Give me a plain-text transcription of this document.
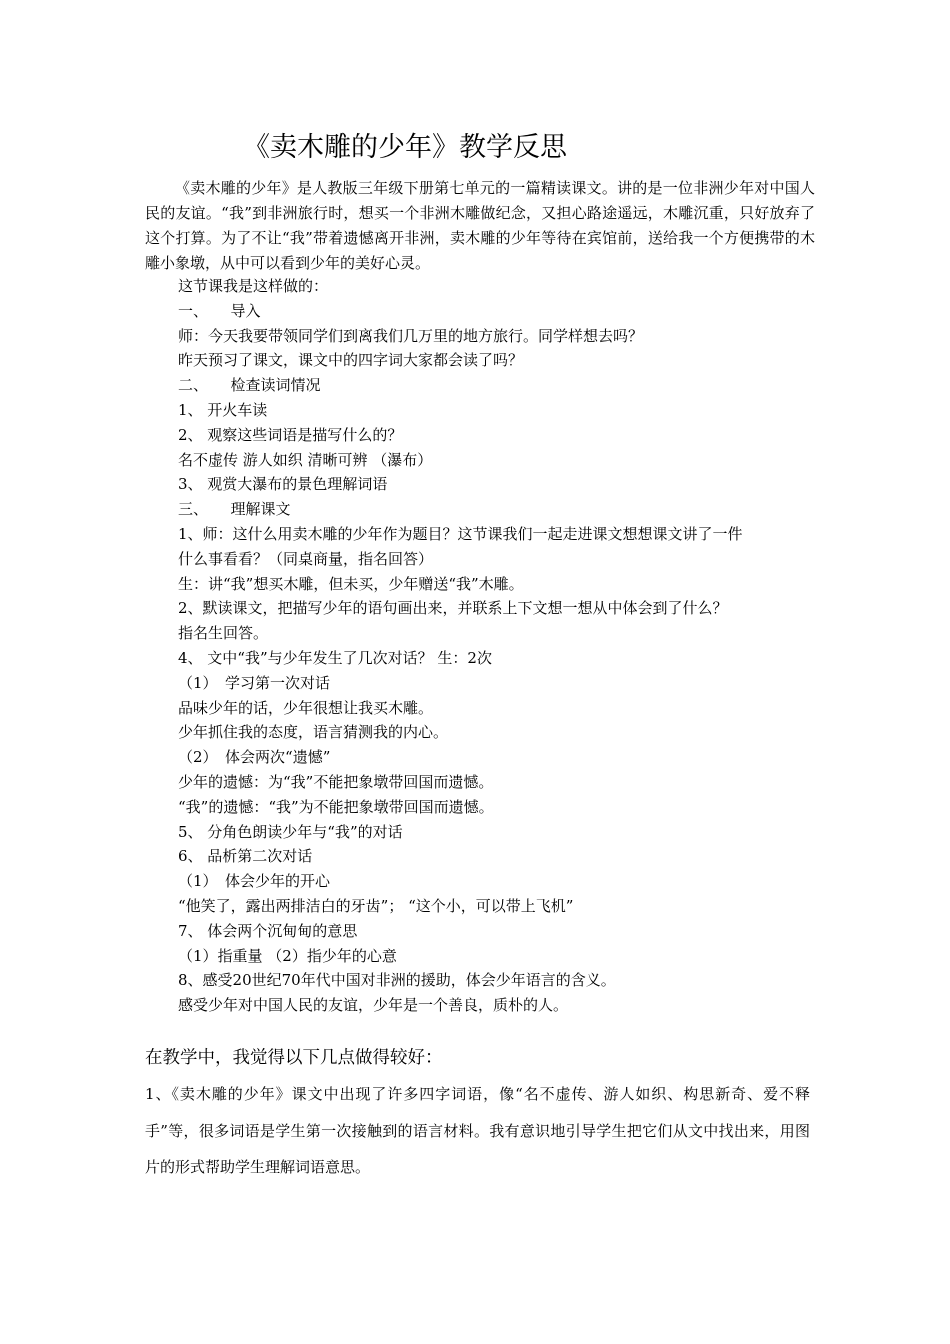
《卖木雕的少年》教学反思

《卖木雕的少年》是人教版三年级下册第七单元的一篇精读课文。讲的是一位非洲少年对中国人民的友谊。“我”到非洲旅行时，想买一个非洲木雕做纪念，又担心路途遥远，木雕沉重，只好放弃了这个打算。为了不让“我”带着遗憾离开非洲，卖木雕的少年等待在宾馆前，送给我一个方便携带的木雕小象墩，从中可以看到少年的美好心灵。

这节课我是这样做的：
一、　　导入
师：今天我要带领同学们到离我们几万里的地方旅行。同学样想去吗？
昨天预习了课文，课文中的四字词大家都会读了吗？
二、　　检查读词情况
1、 开火车读
2、 观察这些词语是描写什么的？
名不虚传 游人如织 清晰可辨 （瀑布）
3、 观赏大瀑布的景色理解词语
三、　　理解课文
1、师：这什么用卖木雕的少年作为题目？这节课我们一起走进课文想想课文讲了一件
什么事看看？（同桌商量，指名回答）
生：讲“我”想买木雕，但未买，少年赠送“我”木雕。
2、默读课文，把描写少年的语句画出来，并联系上下文想一想从中体会到了什么？
指名生回答。
4、 文中“我”与少年发生了几次对话？ 生：2次
（1）　学习第一次对话
品味少年的话，少年很想让我买木雕。
少年抓住我的态度，语言猜测我的内心。
（2）　体会两次“遗憾”
少年的遗憾：为“我”不能把象墩带回国而遗憾。
“我”的遗憾：“我”为不能把象墩带回国而遗憾。
5、 分角色朗读少年与“我”的对话
6、 品析第二次对话
（1）　体会少年的开心
“他笑了，露出两排洁白的牙齿”； “这个小，可以带上飞机”
7、 体会两个沉甸甸的意思
（1）指重量 （2）指少年的心意
8、感受20世纪70年代中国对非洲的援助，体会少年语言的含义。
感受少年对中国人民的友谊，少年是一个善良，质朴的人。
在教学中，我觉得以下几点做得较好：

1、《卖木雕的少年》课文中出现了许多四字词语，像“名不虚传、游人如织、构思新奇、爱不释手”等，很多词语是学生第一次接触到的语言材料。我有意识地引导学生把它们从文中找出来，用图片的形式帮助学生理解词语意思。
